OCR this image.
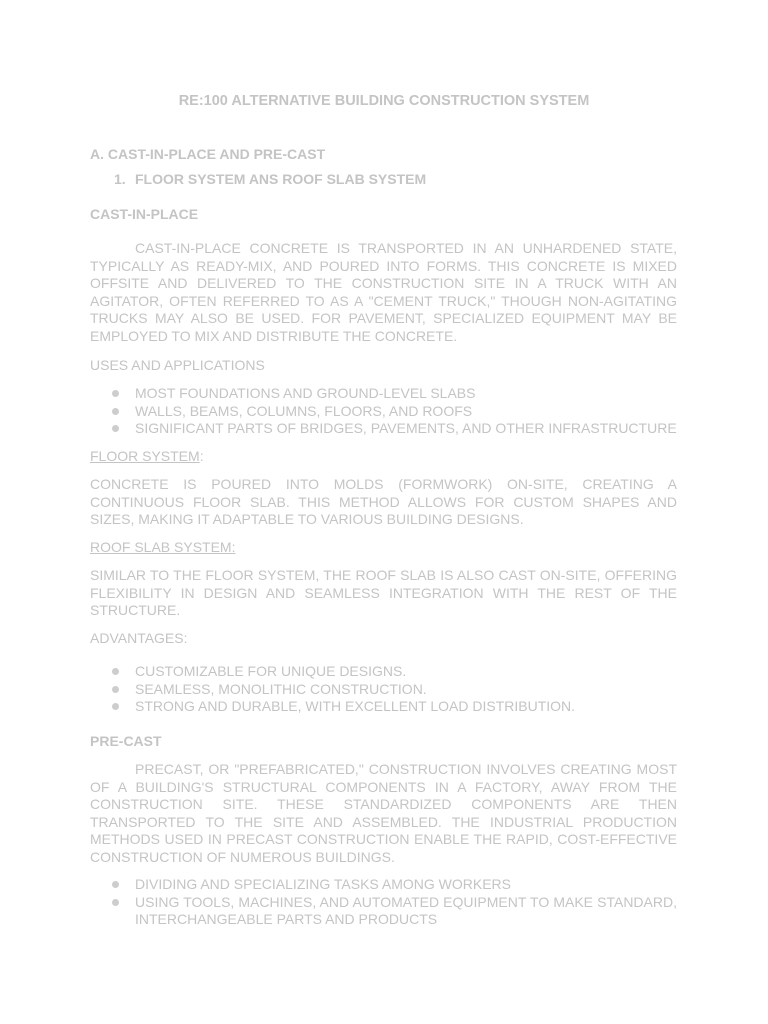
RE:100 ALTERNATIVE BUILDING CONSTRUCTION SYSTEM
A. CAST-IN-PLACE AND PRE-CAST
1. FLOOR SYSTEM ANS ROOF SLAB SYSTEM
CAST-IN-PLACE
CAST-IN-PLACE CONCRETE IS TRANSPORTED IN AN UNHARDENED STATE, TYPICALLY AS READY-MIX, AND POURED INTO FORMS. THIS CONCRETE IS MIXED OFFSITE AND DELIVERED TO THE CONSTRUCTION SITE IN A TRUCK WITH AN AGITATOR, OFTEN REFERRED TO AS A "CEMENT TRUCK," THOUGH NON-AGITATING TRUCKS MAY ALSO BE USED. FOR PAVEMENT, SPECIALIZED EQUIPMENT MAY BE EMPLOYED TO MIX AND DISTRIBUTE THE CONCRETE.
USES AND APPLICATIONS
MOST FOUNDATIONS AND GROUND-LEVEL SLABS
WALLS, BEAMS, COLUMNS, FLOORS, AND ROOFS
SIGNIFICANT PARTS OF BRIDGES, PAVEMENTS, AND OTHER INFRASTRUCTURE
FLOOR SYSTEM:
CONCRETE IS POURED INTO MOLDS (FORMWORK) ON-SITE, CREATING A CONTINUOUS FLOOR SLAB. THIS METHOD ALLOWS FOR CUSTOM SHAPES AND SIZES, MAKING IT ADAPTABLE TO VARIOUS BUILDING DESIGNS.
ROOF SLAB SYSTEM:
SIMILAR TO THE FLOOR SYSTEM, THE ROOF SLAB IS ALSO CAST ON-SITE, OFFERING FLEXIBILITY IN DESIGN AND SEAMLESS INTEGRATION WITH THE REST OF THE STRUCTURE.
ADVANTAGES:
CUSTOMIZABLE FOR UNIQUE DESIGNS.
SEAMLESS, MONOLITHIC CONSTRUCTION.
STRONG AND DURABLE, WITH EXCELLENT LOAD DISTRIBUTION.
PRE-CAST
PRECAST, OR "PREFABRICATED," CONSTRUCTION INVOLVES CREATING MOST OF A BUILDING'S STRUCTURAL COMPONENTS IN A FACTORY, AWAY FROM THE CONSTRUCTION SITE. THESE STANDARDIZED COMPONENTS ARE THEN TRANSPORTED TO THE SITE AND ASSEMBLED. THE INDUSTRIAL PRODUCTION METHODS USED IN PRECAST CONSTRUCTION ENABLE THE RAPID, COST-EFFECTIVE CONSTRUCTION OF NUMEROUS BUILDINGS.
DIVIDING AND SPECIALIZING TASKS AMONG WORKERS
USING TOOLS, MACHINES, AND AUTOMATED EQUIPMENT TO MAKE STANDARD, INTERCHANGEABLE PARTS AND PRODUCTS
